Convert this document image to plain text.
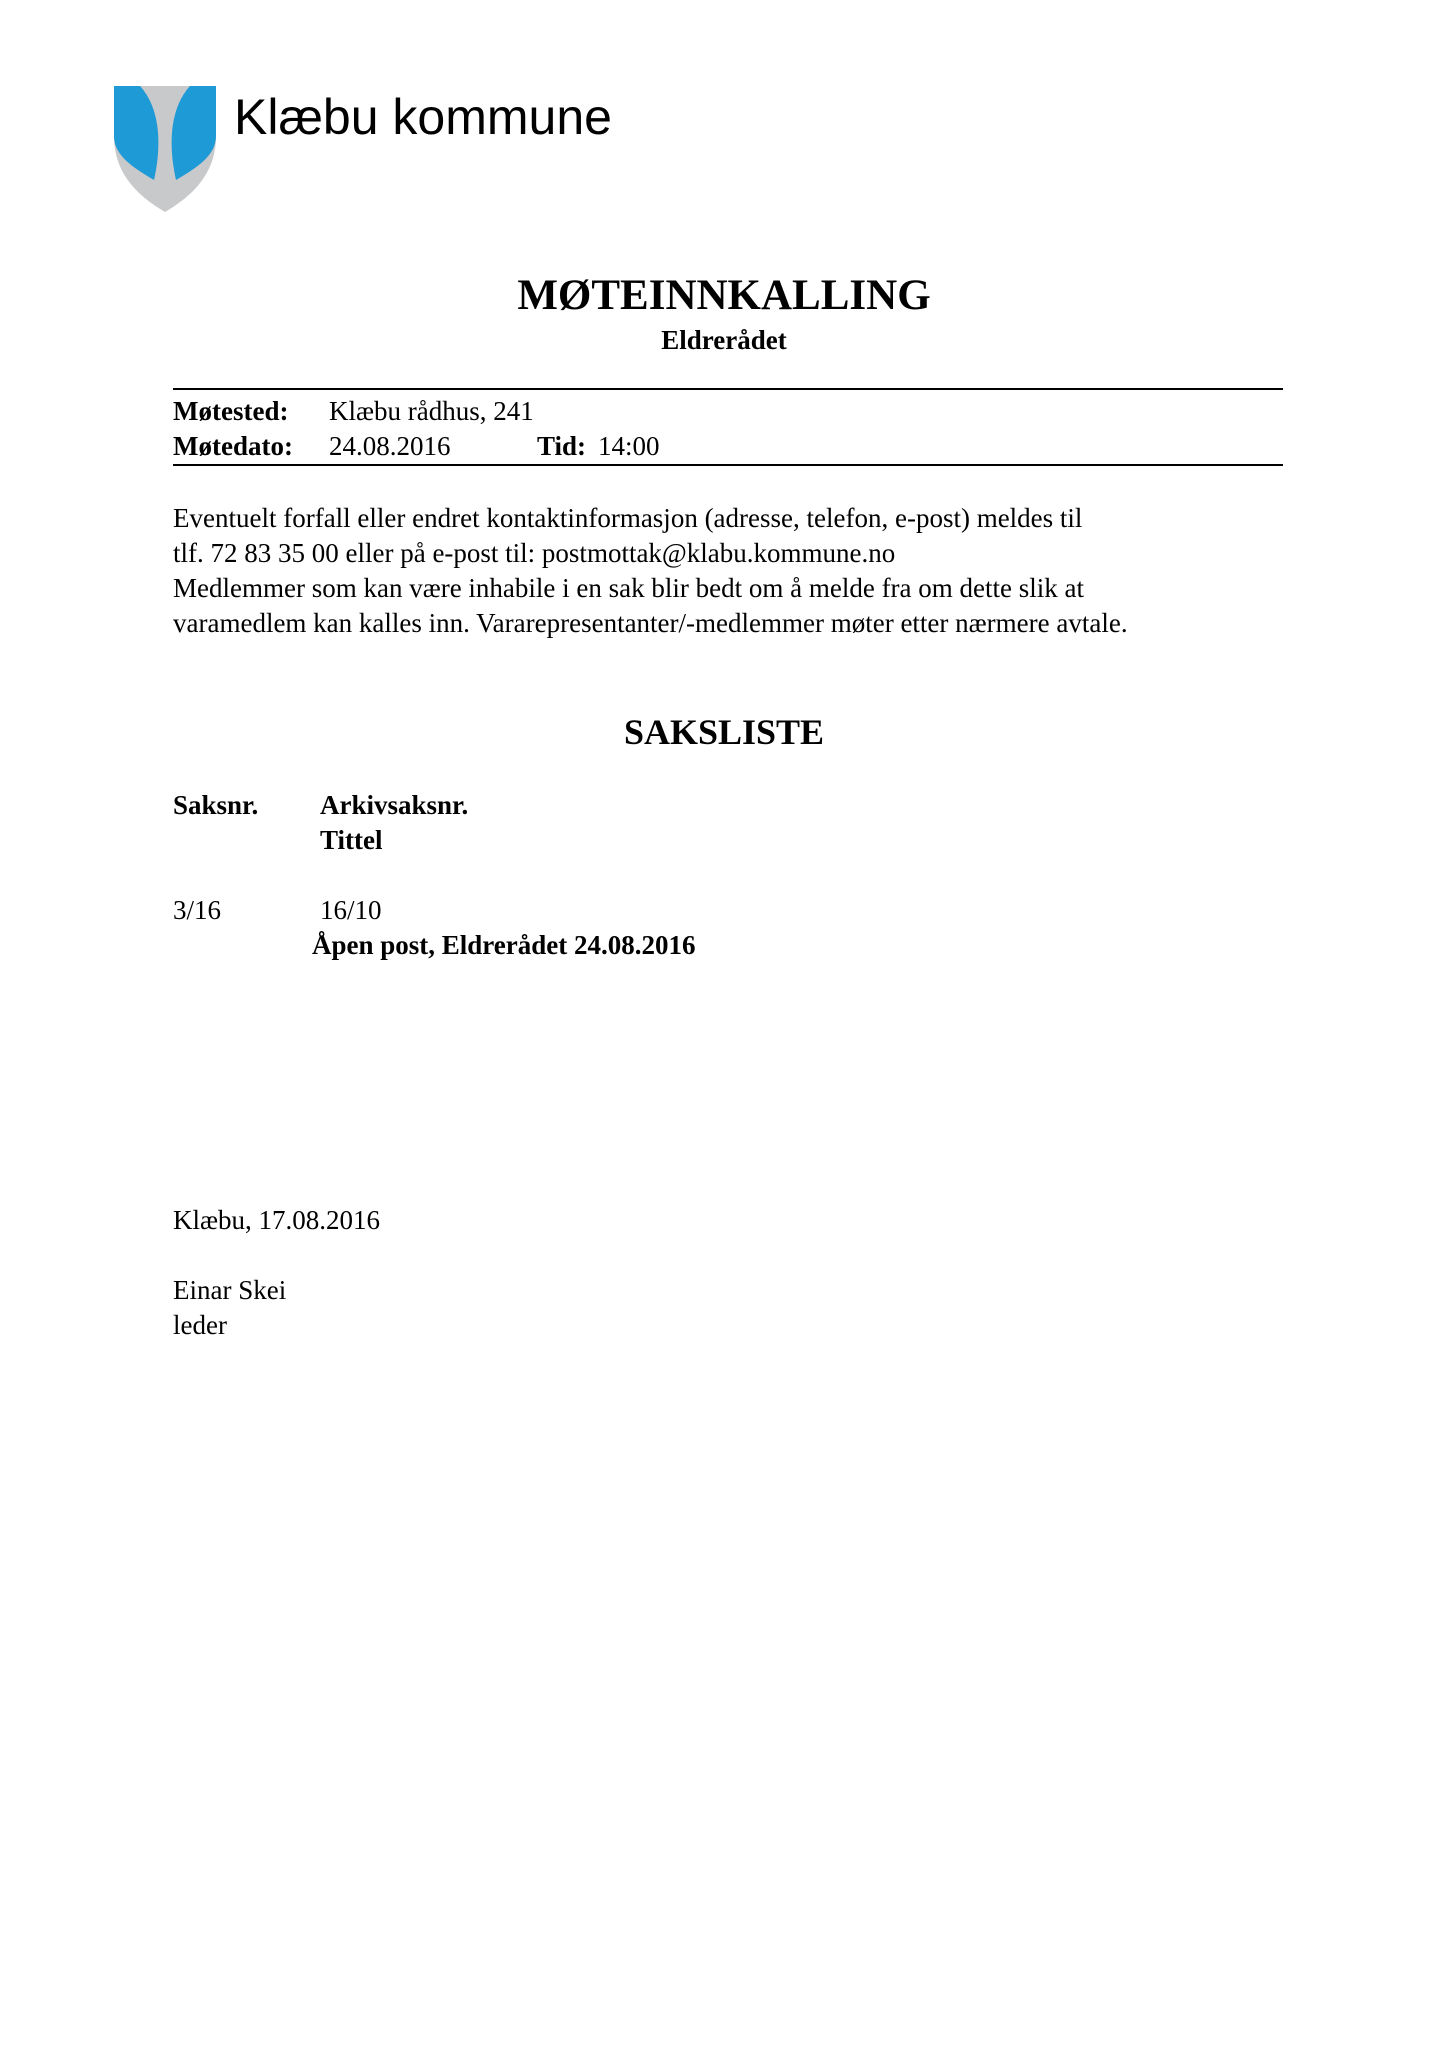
Klæbu kommune
MØTEINNKALLING
Eldrerådet
Møtested: Klæbu rådhus, 241
Møtedato: 24.08.2016	Tid: 14:00
Eventuelt forfall eller endret kontaktinformasjon (adresse, telefon, e-post) meldes til
tlf. 72 83 35 00 eller på e-post til: postmottak@klabu.kommune.no
Medlemmer som kan være inhabile i en sak blir bedt om å melde fra om dette slik at
varamedlem kan kalles inn. Vararepresentanter/-medlemmer møter etter nærmere avtale.
SAKSLISTE
Saksnr. Arkivsaksnr.
Tittel
3/16	16/10
Åpen post, Eldrerådet 24.08.2016
Klæbu, 17.08.2016
Einar Skei
leder
